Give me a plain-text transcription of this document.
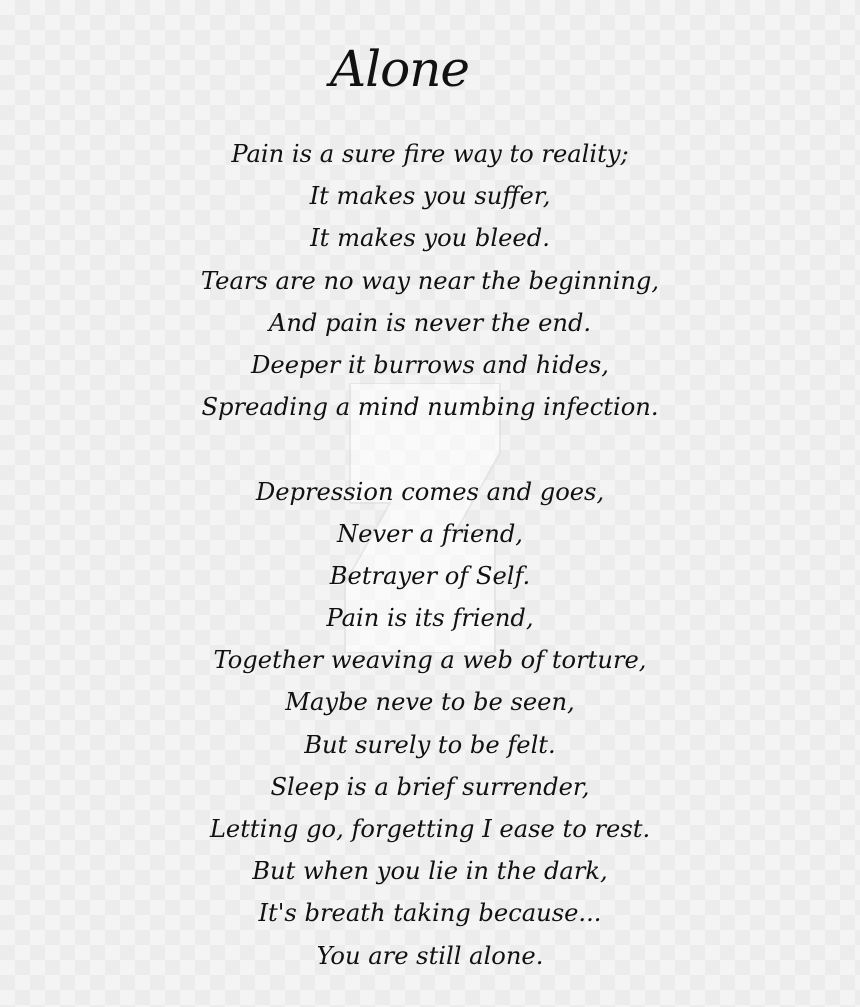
Alone
Pain is a sure fire way to reality;
It makes you suffer,
It makes you bleed.
Tears are no way near the beginning,
And pain is never the end.
Deeper it burrows and hides,
Spreading a mind numbing infection.
Depression comes and goes,
Never a friend,
Betrayer of Self.
Pain is its friend,
Together weaving a web of torture,
Maybe neve to be seen,
But surely to be felt.
Sleep is a brief surrender,
Letting go, forgetting I ease to rest.
But when you lie in the dark,
It's breath taking because...
You are still alone.
